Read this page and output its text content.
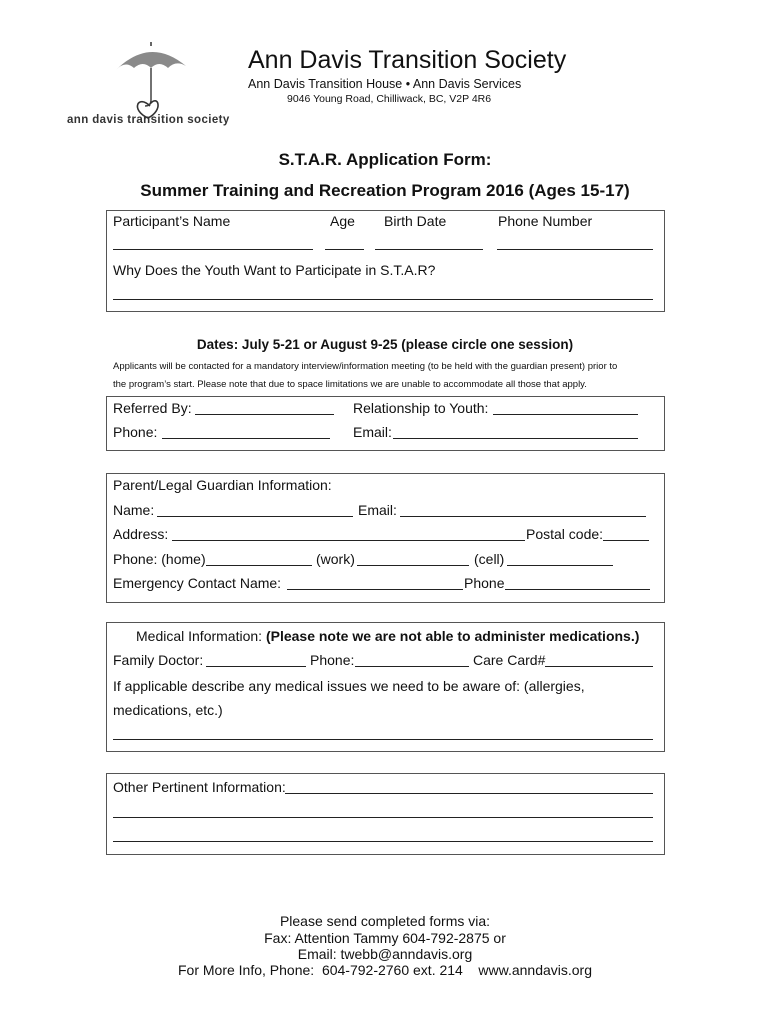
ann davis transition society
Ann Davis Transition Society
Ann Davis Transition House • Ann Davis Services
9046 Young Road, Chilliwack, BC, V2P 4R6
S.T.A.R. Application Form:
Summer Training and Recreation Program 2016 (Ages 15-17)
Participant’s Name	Age Birth Date	Phone Number
Why Does the Youth Want to Participate in S.T.A.R?
Dates: July 5-21 or August 9-25 (please circle one session)
Applicants will be contacted for a mandatory interview/information meeting (to be held with the guardian present) prior to
the program’s start. Please note that due to space limitations we are unable to accommodate all those that apply.
Referred By:	Relationship to Youth:
Phone:	Email:
Parent/Legal Guardian Information:
Name:	Email:
Address:	Postal code:
Phone: (home)	(work)	(cell)
Emergency Contact Name:	Phone
Medical Information: (Please note we are not able to administer medications.)
Family Doctor:	Phone:	Care Card#
If applicable describe any medical issues we need to be aware of: (allergies,
medications, etc.)
Other Pertinent Information:
Please send completed forms via:
Fax: Attention Tammy 604-792-2875 or
Email: twebb@anndavis.org
For More Info, Phone:  604-792-2760 ext. 214    www.anndavis.org
